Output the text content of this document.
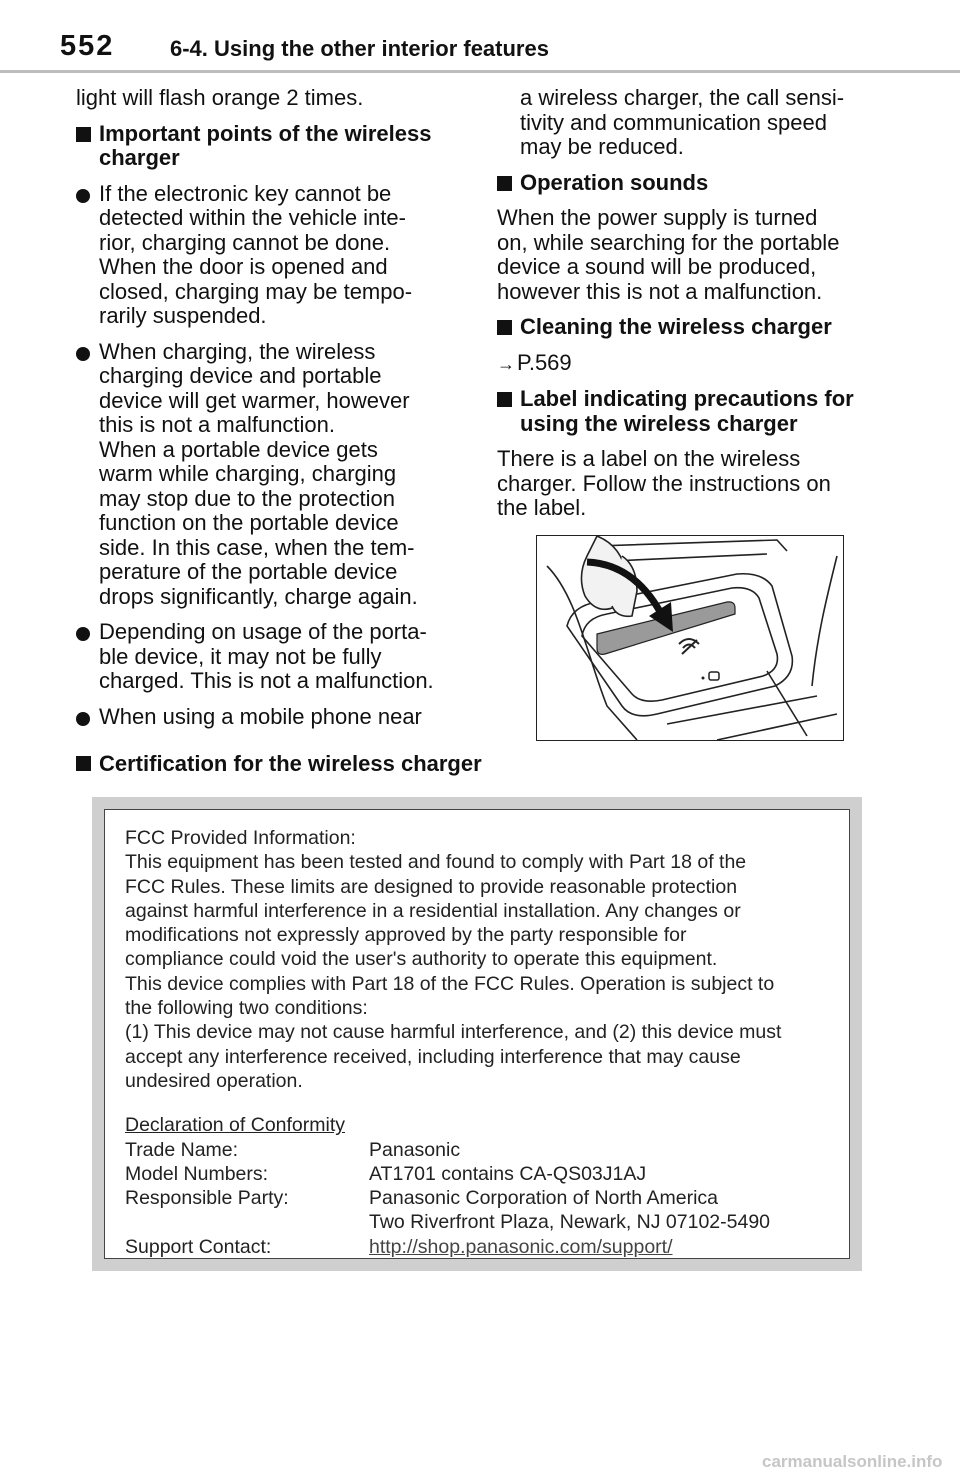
552	6-4. Using the other interior features

light will flash orange 2 times.

Important points of the wireless
charger
If the electronic key cannot be
detected within the vehicle inte-
rior, charging cannot be done.
When the door is opened and
closed, charging may be tempo-
rarily suspended.
When charging, the wireless
charging device and portable
device will get warmer, however
this is not a malfunction.
When a portable device gets
warm while charging, charging
may stop due to the protection
function on the portable device
side. In this case, when the tem-
perature of the portable device
drops significantly, charge again.
Depending on usage of the porta-
ble device, it may not be fully
charged. This is not a malfunction.
When using a mobile phone near
a wireless charger, the call sensi-
tivity and communication speed
may be reduced.
Operation sounds
When the power supply is turned
on, while searching for the portable
device a sound will be produced,
however this is not a malfunction.
Cleaning the wireless charger
→P.569
Label indicating precautions for
using the wireless charger
There is a label on the wireless
charger. Follow the instructions on
the label.
Certification for the wireless charger

FCC Provided Information:

This equipment has been tested and found to comply with Part 18 of the

FCC Rules. These limits are designed to provide reasonable protection

against harmful interference in a residential installation. Any changes or

modifications not expressly approved by the party responsible for

compliance could void the user's authority to operate this equipment.

This device complies with Part 18 of the FCC Rules. Operation is subject to

the following two conditions:

(1) This device may not cause harmful interference, and (2) this device must

accept any interference received, including interference that may cause

undesired operation.

Declaration of Conformity

Trade Name:	Panasonic
Model Numbers:	AT1701 contains CA-QS03J1AJ
Responsible Party:	Panasonic Corporation of North America
Two Riverfront Plaza, Newark, NJ 07102-5490
Support Contact:	http://shop.panasonic.com/support/
carmanualsonline.info
